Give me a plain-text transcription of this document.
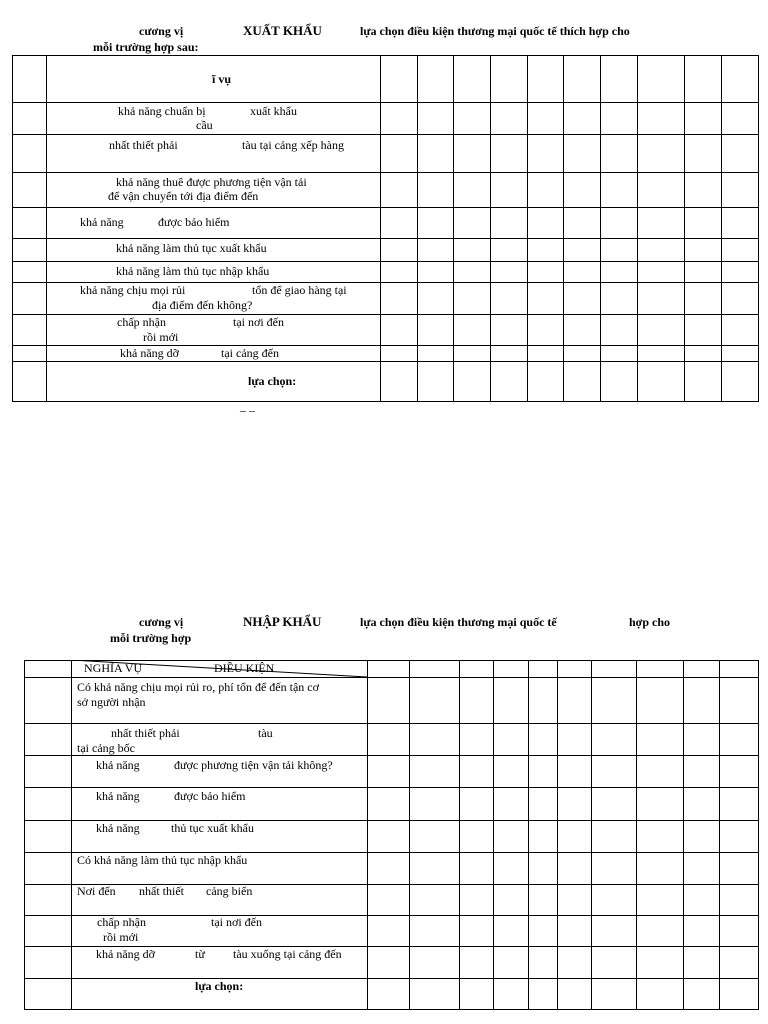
cương vị	XUẤT KHẨU	lựa chọn điều kiện thương mại quốc tế thích hợp cho
mỗi trường hợp sau:
ĩ vụ
khả năng chuẩn bị	xuất khẩu
cầu
nhất thiết phải	tàu tại cảng xếp hàng
khả năng thuê được phương tiện vận tải
để vận chuyển tới địa điểm đến
khả năng	được bảo hiểm
khả năng làm thủ tục xuất khẩu
khả năng làm thủ tục nhập khẩu
khả năng chịu mọi rủi	tổn để giao hàng tại
địa điểm đến không?
chấp nhận	tại nơi đến
rồi mới
khả năng dỡ	tại cảng đến
lựa chọn:
– –
cương vị	NHẬP KHẨU	lựa chọn điều kiện thương mại quốc tế	hợp cho
mỗi trường hợp
NGHĨA VỤ	ĐIỀU KIỆN
Có khả năng chịu mọi rủi ro, phí tổn để đến tận cơ
sở người nhận
nhất thiết phải	tàu
tại cảng bốc
khả năng	được phương tiện vận tải không?
khả năng	được bảo hiểm
khả năng	thủ tục xuất khẩu
Có khả năng làm thủ tục nhập khẩu
Nơi đến nhất thiết cảng biển
chấp nhận	tại nơi đến
rồi mới
khả năng dỡ	từ tàu xuống tại cảng đến
lựa chọn:
